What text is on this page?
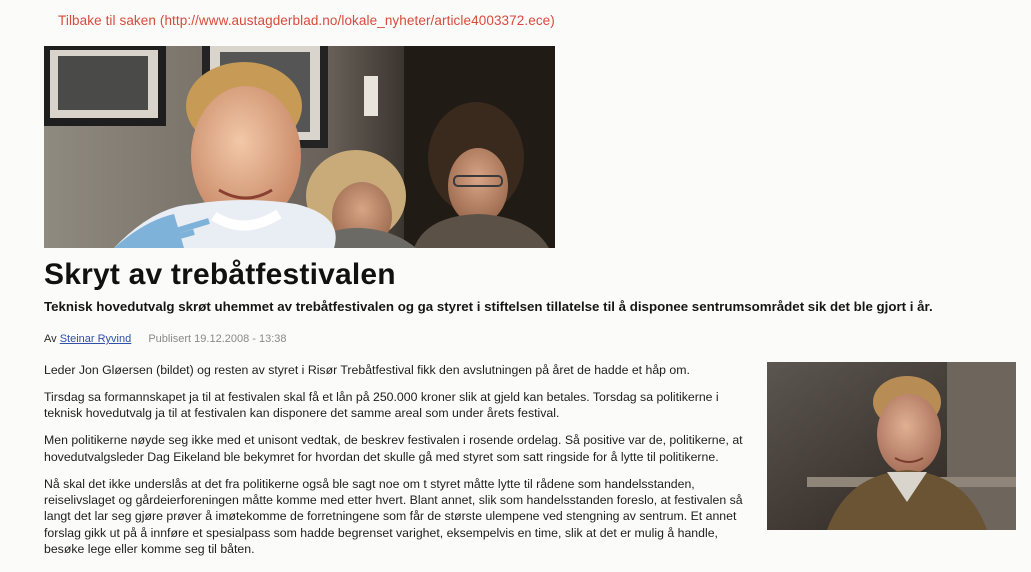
Tilbake til saken (http://www.austagderblad.no/lokale_nyheter/article4003372.ece)
Skryt av trebåtfestivalen

Teknisk hovedutvalg skrøt uhemmet av trebåtfestivalen og ga styret i stiftelsen tillatelse til å disponee sentrumsområdet sik det ble gjort i år.

Av Steinar Ryvind Publisert 19.12.2008 - 13:38

Leder Jon Gløersen (bildet) og resten av styret i Risør Trebåtfestival fikk den avslutningen på året de hadde et håp om.

Tirsdag sa formannskapet ja til at festivalen skal få et lån på 250.000 kroner slik at gjeld kan betales. Torsdag sa politikerne i teknisk hovedutvalg ja til at festivalen kan disponere det samme areal som under årets festival.

Men politikerne nøyde seg ikke med et unisont vedtak, de beskrev festivalen i rosende ordelag. Så positive var de, politikerne, at hovedutvalgsleder Dag Eikeland ble bekymret for hvordan det skulle gå med styret som satt ringside for å lytte til politikerne.

Nå skal det ikke underslås at det fra politikerne også ble sagt noe om t styret måtte lytte til rådene som handelsstanden, reiselivslaget og gårdeierforeningen måtte komme med etter hvert. Blant annet, slik som handelsstanden foreslo, at festivalen så langt det lar seg gjøre prøver å imøtekomme de forretningene som får de største ulempene ved stengning av sentrum. Et annet forslag gikk ut på å innføre et spesialpass som hadde begrenset varighet, eksempelvis en time, slik at det er mulig å handle, besøke lege eller komme seg til båten.
